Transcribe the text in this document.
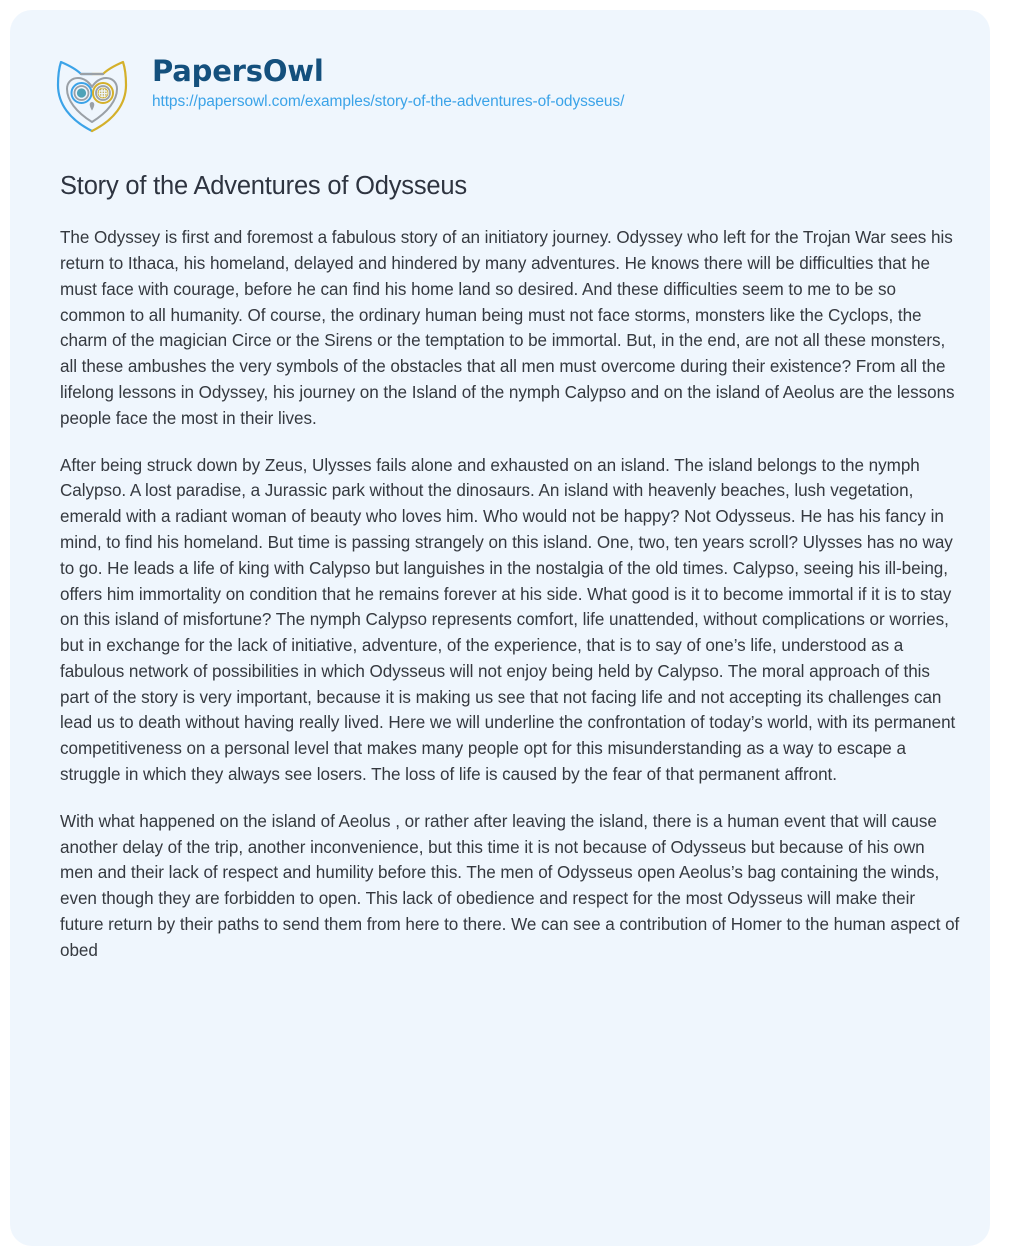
PapersOwl
https://papersowl.com/examples/story-of-the-adventures-of-odysseus/
Story of the Adventures of Odysseus

The Odyssey is first and foremost a fabulous story of an initiatory journey. Odyssey who left for the Trojan War sees his return to Ithaca, his homeland, delayed and hindered by many adventures. He knows there will be difficulties that he must face with courage, before he can find his home land so desired. And these difficulties seem to me to be so common to all humanity. Of course, the ordinary human being must not face storms, monsters like the Cyclops, the charm of the magician Circe or the Sirens or the temptation to be immortal. But, in the end, are not all these monsters, all these ambushes the very symbols of the obstacles that all men must overcome during their existence? From all the lifelong lessons in Odyssey, his journey on the Island of the nymph Calypso and on the island of Aeolus are the lessons people face the most in their lives.

After being struck down by Zeus, Ulysses fails alone and exhausted on an island. The island belongs to the nymph Calypso. A lost paradise, a Jurassic park without the dinosaurs. An island with heavenly beaches, lush vegetation, emerald with a radiant woman of beauty who loves him. Who would not be happy? Not Odysseus. He has his fancy in mind, to find his homeland. But time is passing strangely on this island. One, two, ten years scroll? Ulysses has no way to go. He leads a life of king with Calypso but languishes in the nostalgia of the old times. Calypso, seeing his ill-being, offers him immortality on condition that he remains forever at his side. What good is it to become immortal if it is to stay on this island of misfortune? The nymph Calypso represents comfort, life unattended, without complications or worries, but in exchange for the lack of initiative, adventure, of the experience, that is to say of one’s life, understood as a fabulous network of possibilities in which Odysseus will not enjoy being held by Calypso. The moral approach of this part of the story is very important, because it is making us see that not facing life and not accepting its challenges can lead us to death without having really lived. Here we will underline the confrontation of today’s world, with its permanent competitiveness on a personal level that makes many people opt for this misunderstanding as a way to escape a struggle in which they always see losers. The loss of life is caused by the fear of that permanent affront.

With what happened on the island of Aeolus , or rather after leaving the island, there is a human event that will cause another delay of the trip, another inconvenience, but this time it is not because of Odysseus but because of his own men and their lack of respect and humility before this. The men of Odysseus open Aeolus’s bag containing the winds, even though they are forbidden to open. This lack of obedience and respect for the most Odysseus will make their future return by their paths to send them from here to there. We can see a contribution of Homer to the human aspect of obed
